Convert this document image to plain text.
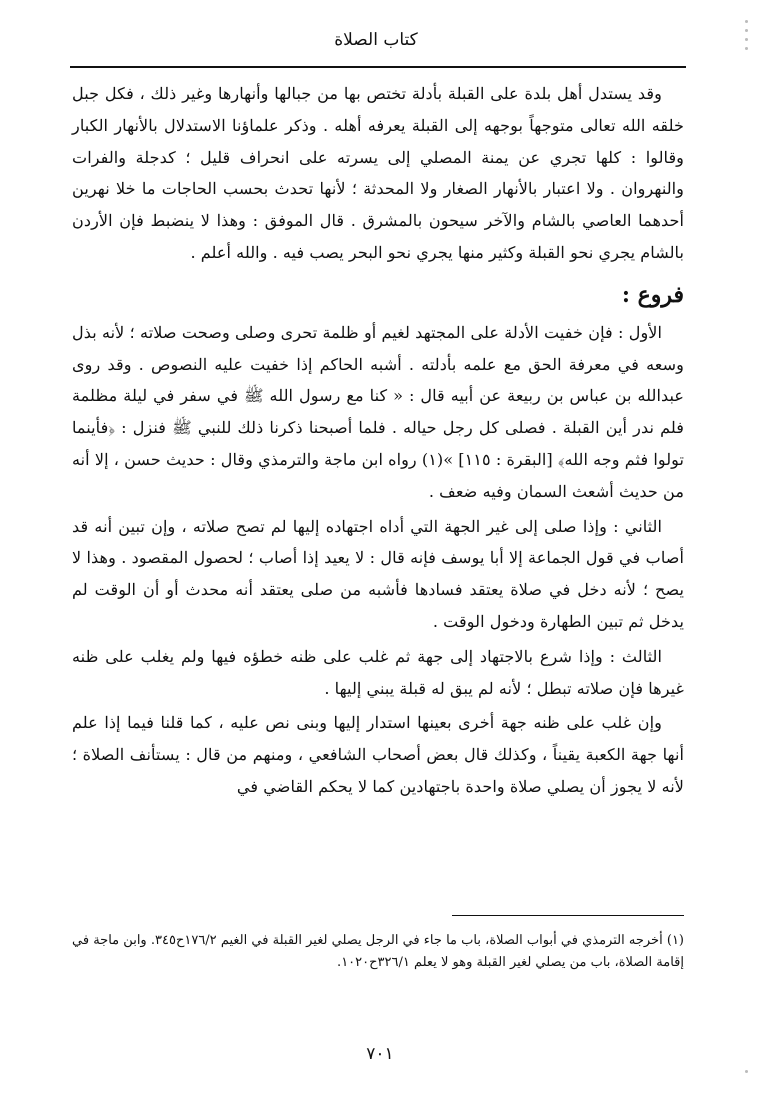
كتاب الصلاة

وقد يستدل أهل بلدة على القبلة بأدلة تختص بها من جبالها وأنهارها وغير ذلك ، فكل جبل خلقه الله تعالى متوجهاً بوجهه إلى القبلة يعرفه أهله . وذكر علماؤنا الاستدلال بالأنهار الكبار وقالوا : كلها تجري عن يمنة المصلي إلى يسرته على انحراف قليل ؛ كدجلة والفرات والنهروان . ولا اعتبار بالأنهار الصغار ولا المحدثة ؛ لأنها تحدث بحسب الحاجات ما خلا نهرين أحدهما العاصي بالشام والآخر سيحون بالمشرق . قال الموفق : وهذا لا ينضبط فإن الأردن بالشام يجري نحو القبلة وكثير منها يجري نحو البحر يصب فيه . والله أعلم .

فروع :

الأول : فإن خفيت الأدلة على المجتهد لغيم أو ظلمة تحرى وصلى وصحت صلاته ؛ لأنه بذل وسعه في معرفة الحق مع علمه بأدلته . أشبه الحاكم إذا خفيت عليه النصوص . وقد روى عبدالله بن عباس بن ربيعة عن أبيه قال : « كنا مع رسول الله ﷺ في سفر في ليلة مظلمة فلم ندر أين القبلة . فصلى كل رجل حياله . فلما أصبحنا ذكرنا ذلك للنبي ﷺ فنزل : ﴿فأينما تولوا فثم وجه الله﴾ [البقرة : ١١٥] »(١) رواه ابن ماجة والترمذي وقال : حديث حسن ، إلا أنه من حديث أشعث السمان وفيه ضعف .

الثاني : وإذا صلى إلى غير الجهة التي أداه اجتهاده إليها لم تصح صلاته ، وإن تبين أنه قد أصاب في قول الجماعة إلا أبا يوسف فإنه قال : لا يعيد إذا أصاب ؛ لحصول المقصود . وهذا لا يصح ؛ لأنه دخل في صلاة يعتقد فسادها فأشبه من صلى يعتقد أنه محدث أو أن الوقت لم يدخل ثم تبين الطهارة ودخول الوقت .

الثالث : وإذا شرع بالاجتهاد إلى جهة ثم غلب على ظنه خطؤه فيها ولم يغلب على ظنه غيرها فإن صلاته تبطل ؛ لأنه لم يبق له قبلة يبني إليها .

وإن غلب على ظنه جهة أخرى بعينها استدار إليها وبنى نص عليه ، كما قلنا فيما إذا علم أنها جهة الكعبة يقيناً ، وكذلك قال بعض أصحاب الشافعي ، ومنهم من قال : يستأنف الصلاة ؛ لأنه لا يجوز أن يصلي صلاة واحدة باجتهادين كما لا يحكم القاضي في

(١) أخرجه الترمذي في أبواب الصلاة، باب ما جاء في الرجل يصلي لغير القبلة في الغيم ١٧٦/٢ح٣٤٥. وابن ماجة في إقامة الصلاة، باب من يصلي لغير القبلة وهو لا يعلم ٣٢٦/١ح١٠٢٠.

٧٠١
